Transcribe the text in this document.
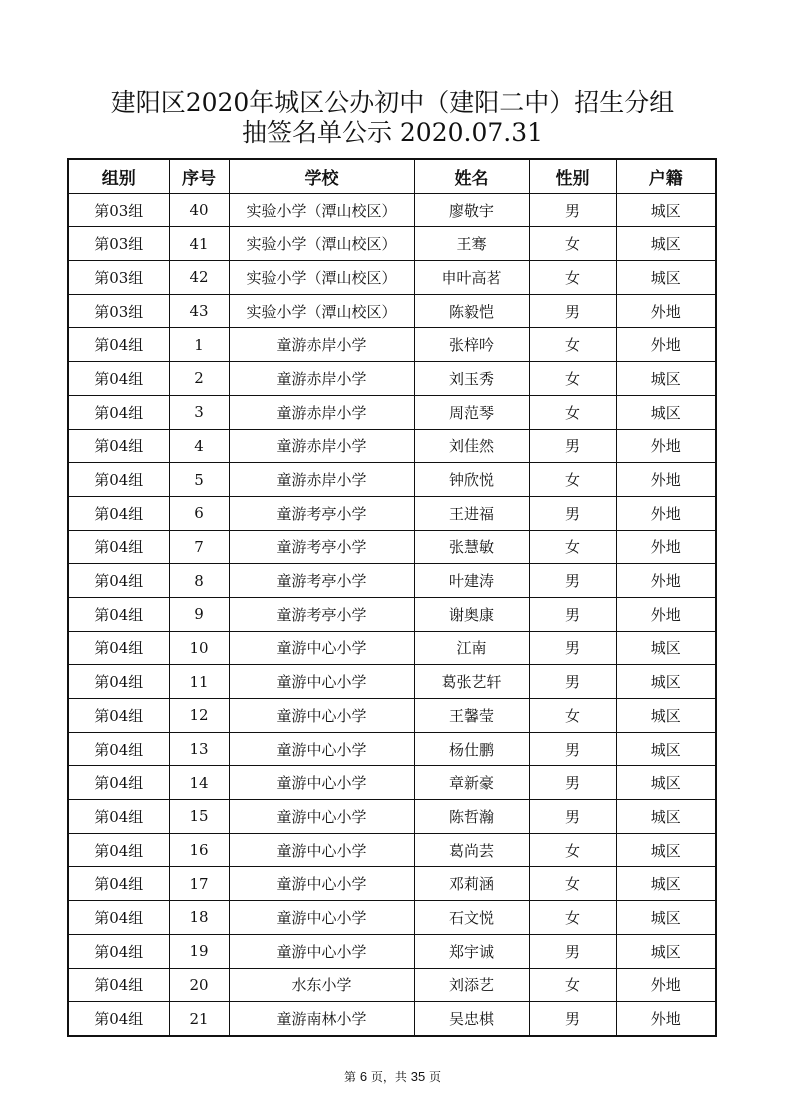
建阳区2020年城区公办初中（建阳二中）招生分组
抽签名单公示 2020.07.31
组别	序号	学校	姓名	性别	户籍
第03组	40	实验小学（潭山校区）	廖敬宇	男	城区
第03组	41	实验小学（潭山校区）	王骞	女	城区
第03组	42	实验小学（潭山校区）	申叶高茗	女	城区
第03组	43	实验小学（潭山校区）	陈毅恺	男	外地
第04组	1	童游赤岸小学	张梓吟	女	外地
第04组	2	童游赤岸小学	刘玉秀	女	城区
第04组	3	童游赤岸小学	周范琴	女	城区
第04组	4	童游赤岸小学	刘佳然	男	外地
第04组	5	童游赤岸小学	钟欣悦	女	外地
第04组	6	童游考亭小学	王进福	男	外地
第04组	7	童游考亭小学	张慧敏	女	外地
第04组	8	童游考亭小学	叶建涛	男	外地
第04组	9	童游考亭小学	谢奥康	男	外地
第04组	10	童游中心小学	江南	男	城区
第04组	11	童游中心小学	葛张艺轩	男	城区
第04组	12	童游中心小学	王馨莹	女	城区
第04组	13	童游中心小学	杨仕鹏	男	城区
第04组	14	童游中心小学	章新豪	男	城区
第04组	15	童游中心小学	陈哲瀚	男	城区
第04组	16	童游中心小学	葛尚芸	女	城区
第04组	17	童游中心小学	邓莉涵	女	城区
第04组	18	童游中心小学	石文悦	女	城区
第04组	19	童游中心小学	郑宇诚	男	城区
第04组	20	水东小学	刘添艺	女	外地
第04组	21	童游南林小学	吴忠棋	男	外地
第 6 页，共 35 页
